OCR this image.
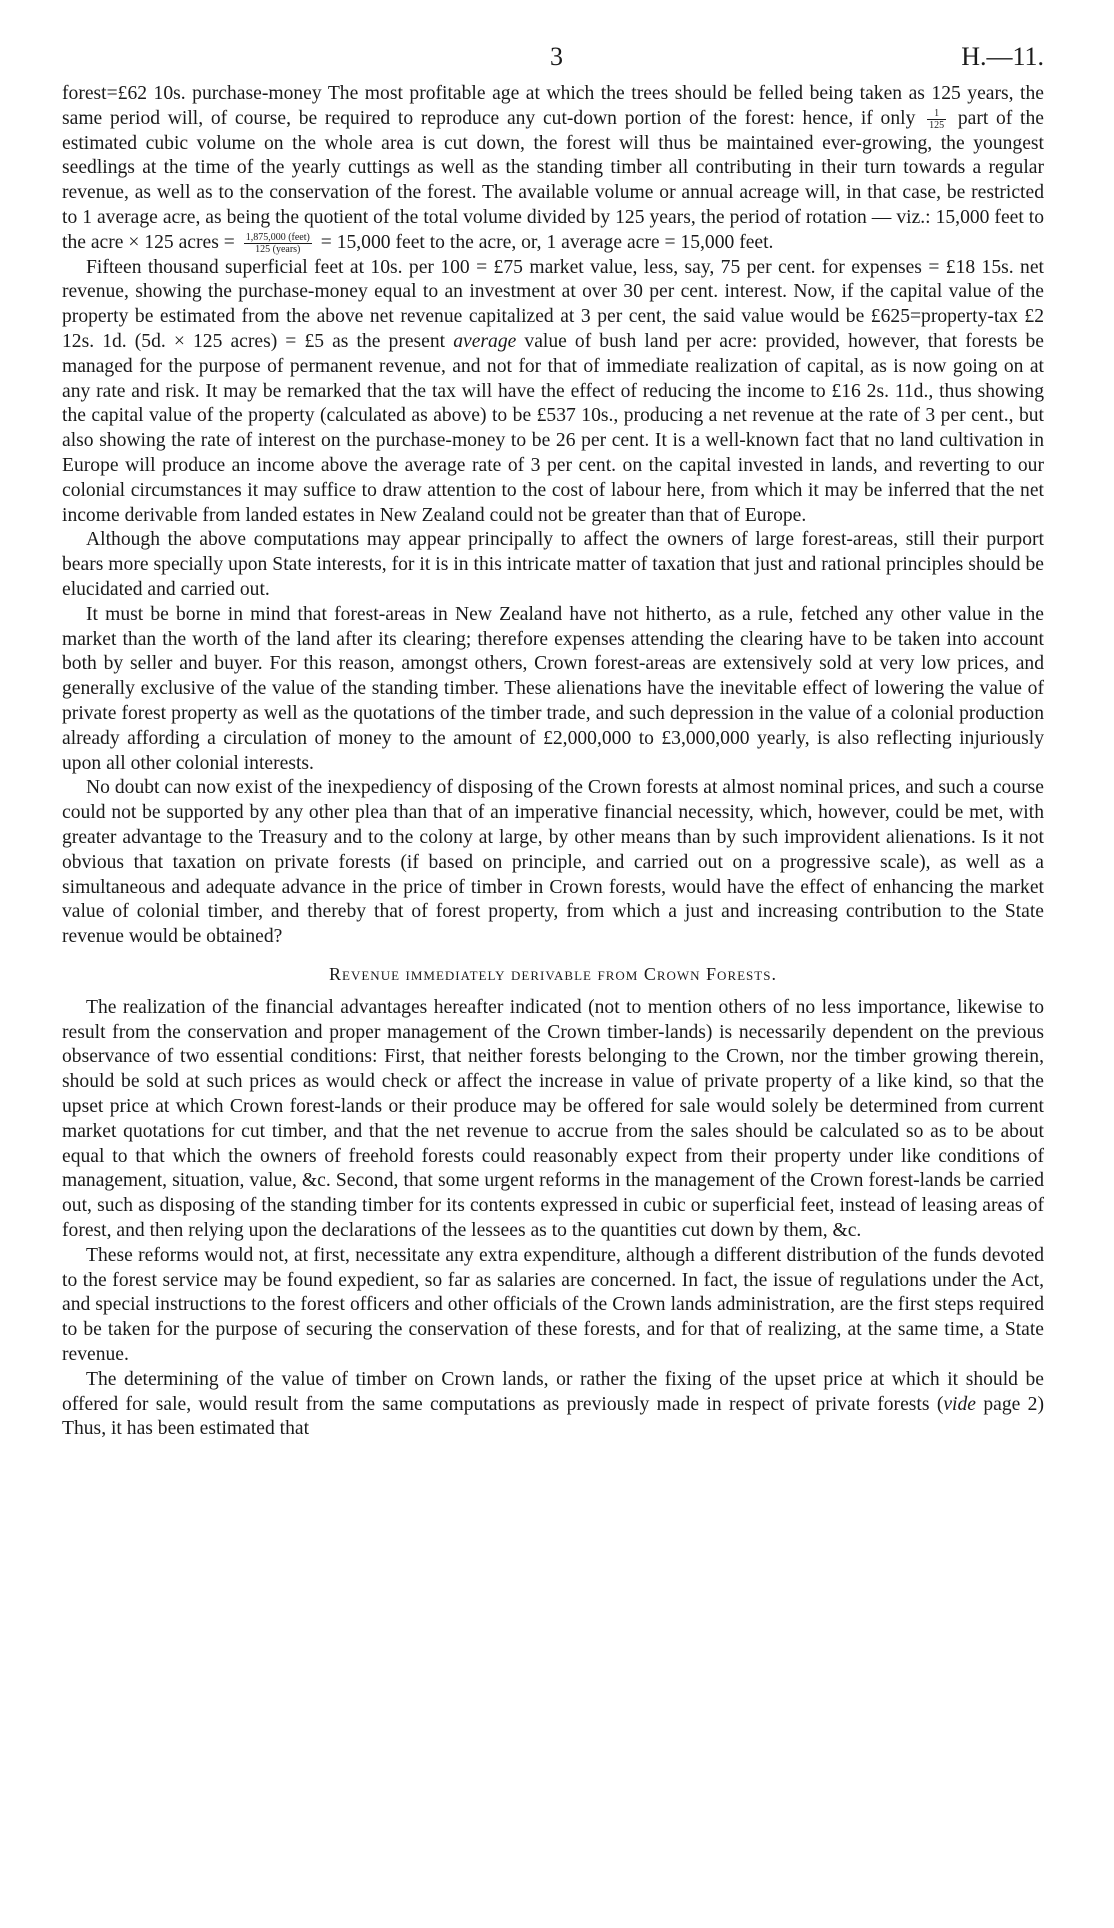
3	H.—11.

forest=£62 10s. purchase-money The most profitable age at which the trees should be felled being taken as 125 years, the same period will, of course, be required to reproduce any cut-down portion of the forest: hence, if only $\frac{1}{125}$ part of the estimated cubic volume on the whole area is cut down, the forest will thus be maintained ever-growing, the youngest seedlings at the time of the yearly cuttings as well as the standing timber all contributing in their turn towards a regular revenue, as well as to the conservation of the forest. The available volume or annual acreage will, in that case, be restricted to 1 average acre, as being the quotient of the total volume divided by 125 years, the period of rotation — viz.: 15,000 feet to the acre × 125 acres = $\frac{\text{1,875,000 (feet)}}{\text{125 (years)}} = 15,000$ feet to the acre, or, 1 average acre = 15,000 feet.

Fifteen thousand superficial feet at 10s. per 100 = £75 market value, less, say, 75 per cent. for expenses = £18 15s. net revenue, showing the purchase-money equal to an investment at over 30 per cent. interest. Now, if the capital value of the property be estimated from the above net revenue capitalized at 3 per cent, the said value would be £625=property-tax £2 12s. 1d. (5d. × 125 acres) = £5 as the present average value of bush land per acre: provided, however, that forests be managed for the purpose of permanent revenue, and not for that of immediate realization of capital, as is now going on at any rate and risk. It may be remarked that the tax will have the effect of reducing the income to £16 2s. 11d., thus showing the capital value of the property (calculated as above) to be £537 10s., producing a net revenue at the rate of 3 per cent., but also showing the rate of interest on the purchase-money to be 26 per cent. It is a well-known fact that no land cultivation in Europe will produce an income above the average rate of 3 per cent. on the capital invested in lands, and reverting to our colonial circumstances it may suffice to draw attention to the cost of labour here, from which it may be inferred that the net income derivable from landed estates in New Zealand could not be greater than that of Europe.

Although the above computations may appear principally to affect the owners of large forest-areas, still their purport bears more specially upon State interests, for it is in this intricate matter of taxation that just and rational principles should be elucidated and carried out.

It must be borne in mind that forest-areas in New Zealand have not hitherto, as a rule, fetched any other value in the market than the worth of the land after its clearing; therefore expenses attending the clearing have to be taken into account both by seller and buyer. For this reason, amongst others, Crown forest-areas are extensively sold at very low prices, and generally exclusive of the value of the standing timber. These alienations have the inevitable effect of lowering the value of private forest property as well as the quotations of the timber trade, and such depression in the value of a colonial production already affording a circulation of money to the amount of £2,000,000 to £3,000,000 yearly, is also reflecting injuriously upon all other colonial interests.

No doubt can now exist of the inexpediency of disposing of the Crown forests at almost nominal prices, and such a course could not be supported by any other plea than that of an imperative financial necessity, which, however, could be met, with greater advantage to the Treasury and to the colony at large, by other means than by such improvident alienations. Is it not obvious that taxation on private forests (if based on principle, and carried out on a progressive scale), as well as a simultaneous and adequate advance in the price of timber in Crown forests, would have the effect of enhancing the market value of colonial timber, and thereby that of forest property, from which a just and increasing contribution to the State revenue would be obtained?

Revenue immediately derivable from Crown Forests.

The realization of the financial advantages hereafter indicated (not to mention others of no less importance, likewise to result from the conservation and proper management of the Crown timber-lands) is necessarily dependent on the previous observance of two essential conditions: First, that neither forests belonging to the Crown, nor the timber growing therein, should be sold at such prices as would check or affect the increase in value of private property of a like kind, so that the upset price at which Crown forest-lands or their produce may be offered for sale would solely be determined from current market quotations for cut timber, and that the net revenue to accrue from the sales should be calculated so as to be about equal to that which the owners of freehold forests could reasonably expect from their property under like conditions of management, situation, value, &c. Second, that some urgent reforms in the management of the Crown forest-lands be carried out, such as disposing of the standing timber for its contents expressed in cubic or superficial feet, instead of leasing areas of forest, and then relying upon the declarations of the lessees as to the quantities cut down by them, &c.

These reforms would not, at first, necessitate any extra expenditure, although a different distribution of the funds devoted to the forest service may be found expedient, so far as salaries are concerned. In fact, the issue of regulations under the Act, and special instructions to the forest officers and other officials of the Crown lands administration, are the first steps required to be taken for the purpose of securing the conservation of these forests, and for that of realizing, at the same time, a State revenue.

The determining of the value of timber on Crown lands, or rather the fixing of the upset price at which it should be offered for sale, would result from the same computations as previously made in respect of private forests (vide page 2) Thus, it has been estimated that
